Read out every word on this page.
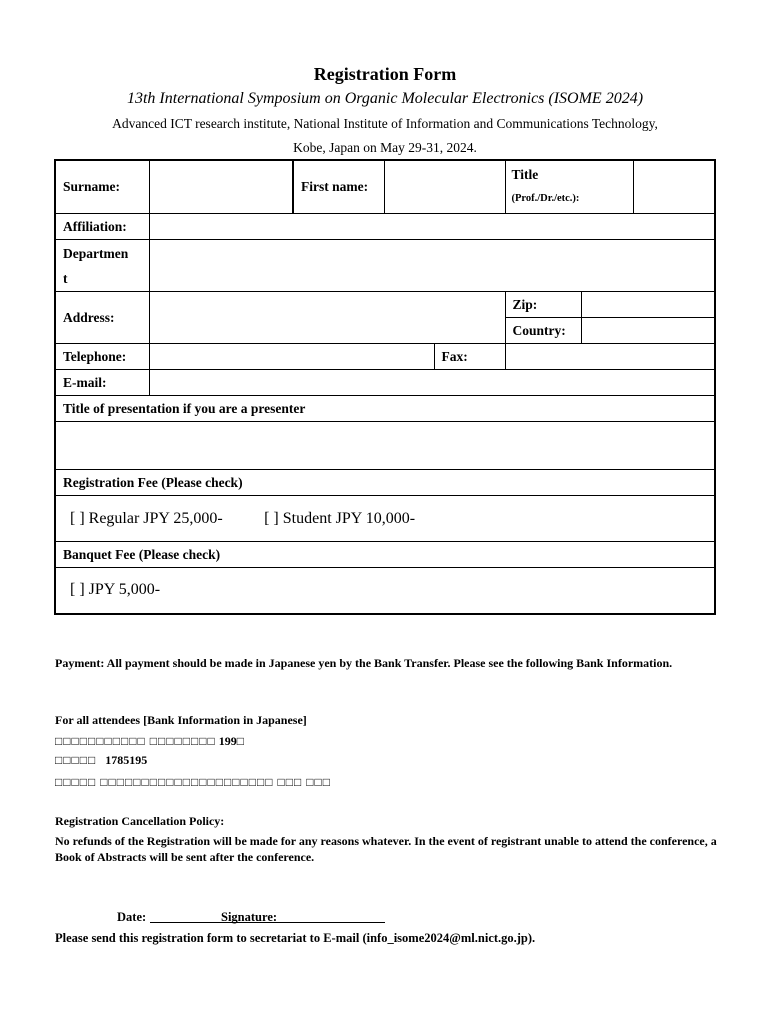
Registration Form
13th International Symposium on Organic Molecular Electronics (ISOME 2024)
Advanced ICT research institute, National Institute of Information and Communications Technology,
Kobe, Japan on May 29-31, 2024.
Surname:		First name:			Title
(Prof./Dr./etc.):		

Affiliation:							

Departmen
t							

Address:					Zip:		
					Country:		
Telephone:				Fax:			
E-mail:							
Title of presentation if you are a presenter							

Registration Fee (Please check)							
[ ] Regular JPY 25,000- [ ] Student JPY 10,000-							
Banquet Fee (Please check)							
[ ] JPY 5,000-							
Payment: All payment should be made in Japanese yen by the Bank Transfer. Please see the following Bank Information.
For all attendees [Bank Information in Japanese]
□□□□□□□□□□□ □□□□□□□□ 199□
□□□□□ 1785195
□□□□□ □□□□□□□□□□□□□□□□□□□□□ □□□ □□□
Registration Cancellation Policy:
No refunds of the Registration will be made for any reasons whatever. In the event of registrant unable to attend the conference, a Book of Abstracts will be sent after the conference.
Date:	Signature:
Please send this registration form to secretariat to E-mail (info_isome2024@ml.nict.go.jp).
